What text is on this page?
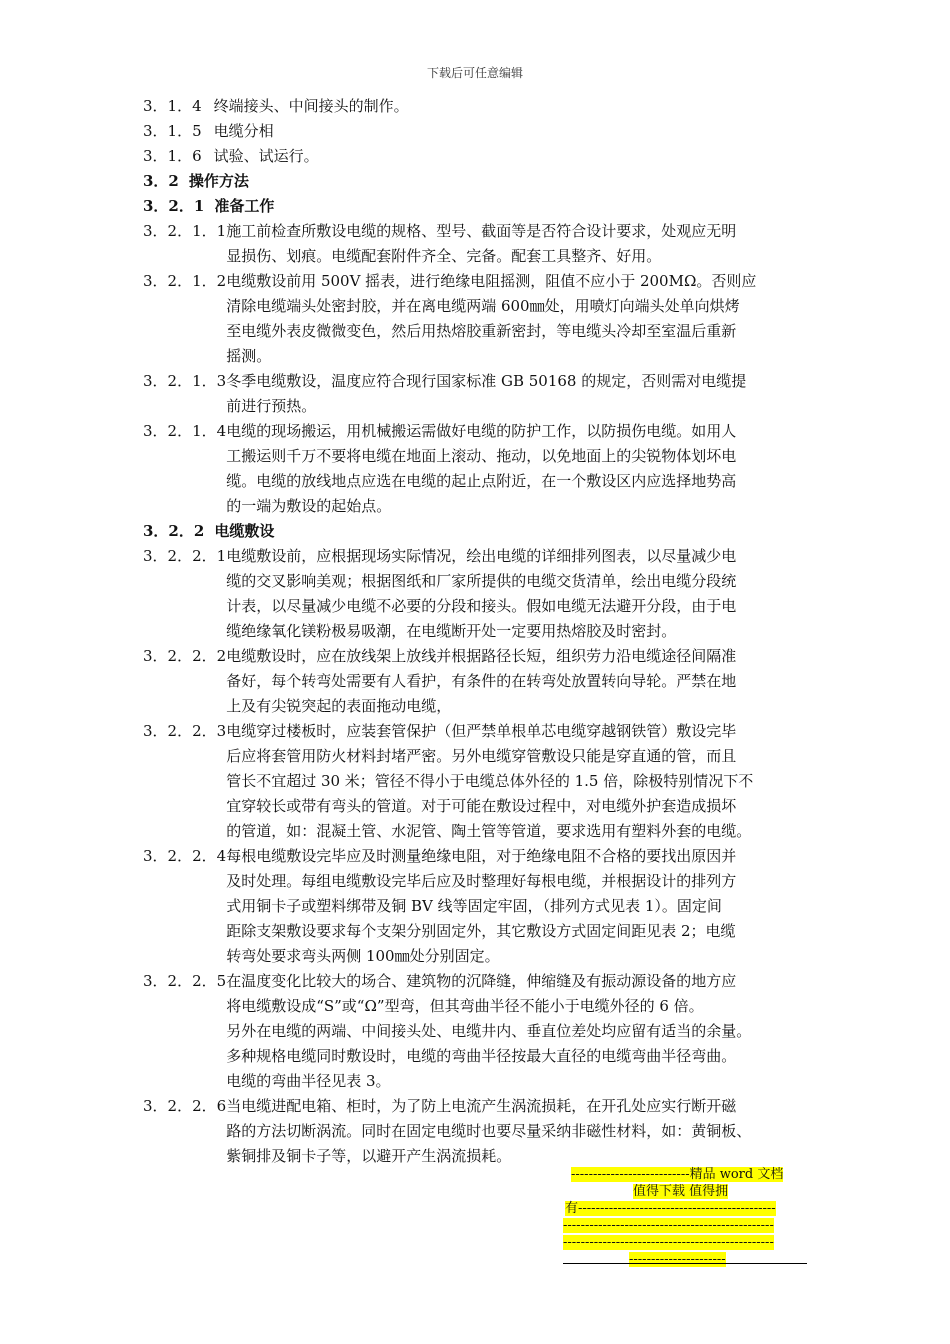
下载后可任意编辑
3．1．4 终端接头、中间接头的制作。
3．1．5 电缆分相
3．1．6 试验、试运行。
3．2 操作方法
3．2．1 准备工作
3．2．1．1施工前检查所敷设电缆的规格、型号、截面等是否符合设计要求，处观应无明
显损伤、划痕。电缆配套附件齐全、完备。配套工具整齐、好用。
3．2．1．2电缆敷设前用 500V 摇表，进行绝缘电阻摇测，阻值不应小于 200MΩ。否则应
清除电缆端头处密封胶，并在离电缆两端 600㎜处，用喷灯向端头处单向烘烤
至电缆外表皮微微变色，然后用热熔胶重新密封，等电缆头冷却至室温后重新
摇测。
3．2．1．3冬季电缆敷设，温度应符合现行国家标准 GB 50168 的规定，否则需对电缆提
前进行预热。
3．2．1．4电缆的现场搬运，用机械搬运需做好电缆的防护工作，以防损伤电缆。如用人
工搬运则千万不要将电缆在地面上滚动、拖动，以免地面上的尖锐物体划坏电
缆。电缆的放线地点应选在电缆的起止点附近，在一个敷设区内应选择地势高
的一端为敷设的起始点。
3．2．2 电缆敷设
3．2．2．1电缆敷设前，应根据现场实际情况，绘出电缆的详细排列图表，以尽量减少电
缆的交叉影响美观；根据图纸和厂家所提供的电缆交货清单，绘出电缆分段统
计表，以尽量减少电缆不必要的分段和接头。假如电缆无法避开分段，由于电
缆绝缘氧化镁粉极易吸潮，在电缆断开处一定要用热熔胶及时密封。
3．2．2．2电缆敷设时，应在放线架上放线并根据路径长短，组织劳力沿电缆途径间隔准
备好，每个转弯处需要有人看护，有条件的在转弯处放置转向导轮。严禁在地
上及有尖锐突起的表面拖动电缆，
3．2．2．3电缆穿过楼板时，应装套管保护（但严禁单根单芯电缆穿越钢铁管）敷设完毕
后应将套管用防火材料封堵严密。另外电缆穿管敷设只能是穿直通的管，而且
管长不宜超过 30 米；管径不得小于电缆总体外径的 1.5 倍，除极特别情况下不
宜穿较长或带有弯头的管道。对于可能在敷设过程中，对电缆外护套造成损坏
的管道，如：混凝土管、水泥管、陶土管等管道，要求选用有塑料外套的电缆。
3．2．2．4每根电缆敷设完毕应及时测量绝缘电阻，对于绝缘电阻不合格的要找出原因并
及时处理。每组电缆敷设完毕后应及时整理好每根电缆，并根据设计的排列方
式用铜卡子或塑料绑带及铜 BV 线等固定牢固，（排列方式见表 1）。固定间
距除支架敷设要求每个支架分别固定外，其它敷设方式固定间距见表 2；电缆
转弯处要求弯头两侧 100㎜处分别固定。
3．2．2．5在温度变化比较大的场合、建筑物的沉降缝，伸缩缝及有振动源设备的地方应
将电缆敷设成“S”或“Ω”型弯，但其弯曲半径不能小于电缆外径的 6 倍。
另外在电缆的两端、中间接头处、电缆井内、垂直位差处均应留有适当的余量。
多种规格电缆同时敷设时，电缆的弯曲半径按最大直径的电缆弯曲半径弯曲。
电缆的弯曲半径见表 3。
3．2．2．6当电缆进配电箱、柜时，为了防上电流产生涡流损耗，在开孔处应实行断开磁
路的方法切断涡流。同时在固定电缆时也要尽量采纳非磁性材料，如：黄铜板、
紫铜排及铜卡子等，以避开产生涡流损耗。
---------------------------精品 word 文档
值得下载 值得拥
有---------------------------------------------
------------------------------------------------
------------------------------------------------
----------------------
